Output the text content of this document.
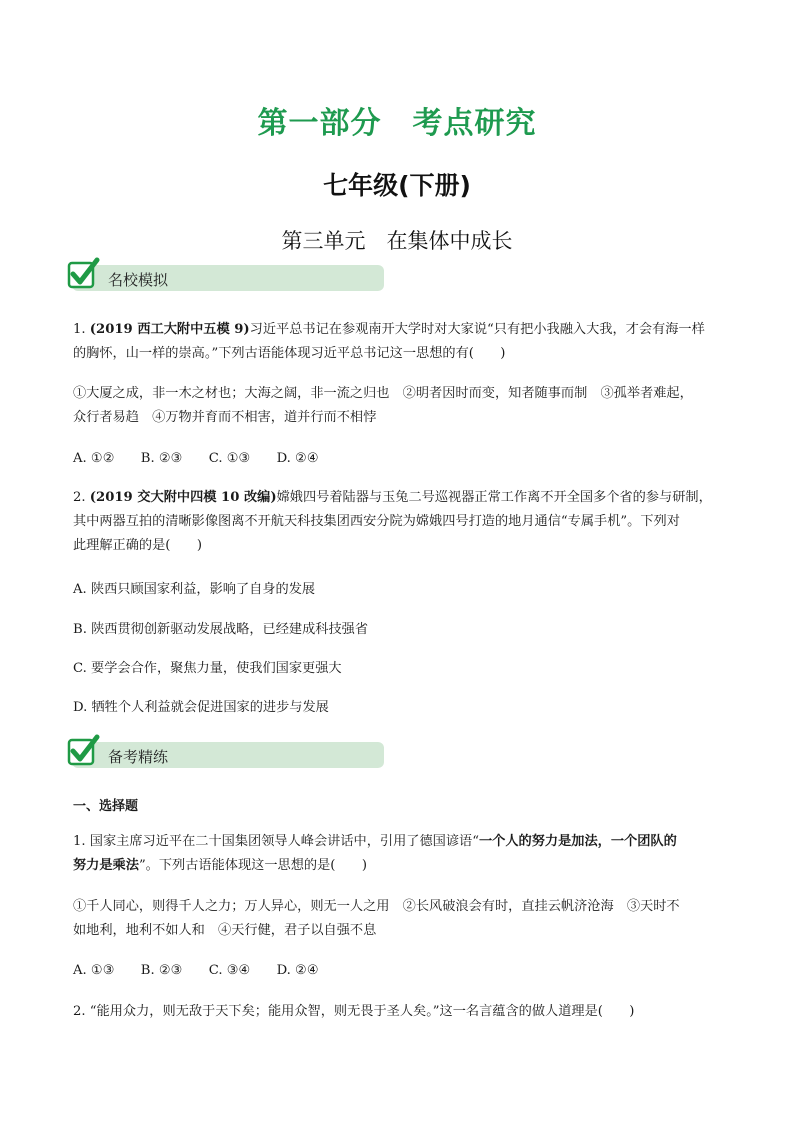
第一部分　考点研究
七年级(下册)
第三单元　在集体中成长
名校模拟
1. (2019 西工大附中五模 9)习近平总书记在参观南开大学时对大家说“只有把小我融入大我，才会有海一样
的胸怀，山一样的崇高。”下列古语能体现习近平总书记这一思想的有(　　)
①大厦之成，非一木之材也；大海之阔，非一流之归也　②明者因时而变，知者随事而制　③孤举者难起，
众行者易趋　④万物并育而不相害，道并行而不相悖
A. ①② B. ②③ C. ①③ D. ②④
2. (2019 交大附中四模 10 改编)嫦娥四号着陆器与玉兔二号巡视器正常工作离不开全国多个省的参与研制，
其中两器互拍的清晰影像图离不开航天科技集团西安分院为嫦娥四号打造的地月通信“专属手机”。下列对
此理解正确的是(　　)
A. 陕西只顾国家利益，影响了自身的发展
B. 陕西贯彻创新驱动发展战略，已经建成科技强省
C. 要学会合作，聚焦力量，使我们国家更强大
D. 牺牲个人利益就会促进国家的进步与发展
备考精练
一、选择题
1. 国家主席习近平在二十国集团领导人峰会讲话中，引用了德国谚语“一个人的努力是加法，一个团队的
努力是乘法”。下列古语能体现这一思想的是(　　)
①千人同心，则得千人之力；万人异心，则无一人之用　②长风破浪会有时，直挂云帆济沧海　③天时不
如地利，地利不如人和　④天行健，君子以自强不息
A. ①③ B. ②③ C. ③④ D. ②④
2. “能用众力，则无敌于天下矣；能用众智，则无畏于圣人矣。”这一名言蕴含的做人道理是(　　)
